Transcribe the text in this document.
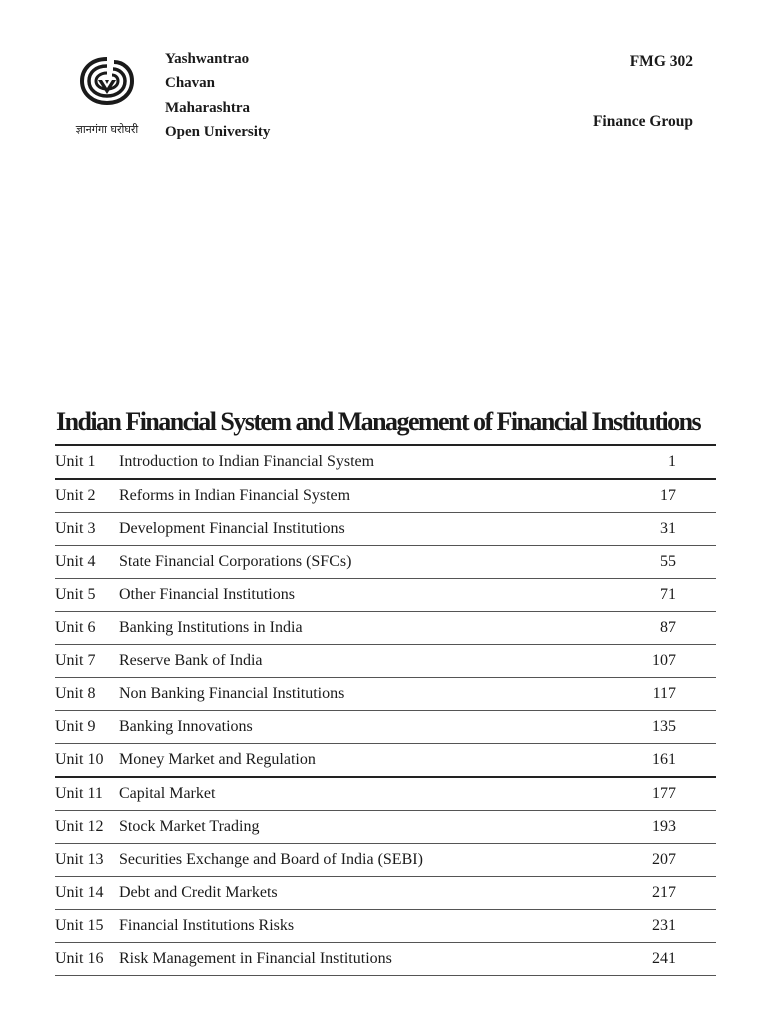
ज्ञानगंगा घरोघरी
Yashwantrao
Chavan
Maharashtra
Open University
FMG 302
Finance Group
Indian Financial System and Management of Financial Institutions
Unit 1	Introduction to Indian Financial System	1
Unit 2	Reforms in Indian Financial System	17
Unit 3	Development Financial Institutions	31
Unit 4	State Financial Corporations (SFCs)	55
Unit 5	Other Financial Institutions	71
Unit 6	Banking Institutions in India	87
Unit 7	Reserve Bank of India	107
Unit 8	Non Banking Financial Institutions	117
Unit 9	Banking Innovations	135
Unit 10	Money Market and Regulation	161
Unit 11	Capital Market	177
Unit 12	Stock Market Trading	193
Unit 13	Securities Exchange and Board of India (SEBI)	207
Unit 14	Debt and Credit Markets	217
Unit 15	Financial Institutions Risks	231
Unit 16	Risk Management in Financial Institutions	241
